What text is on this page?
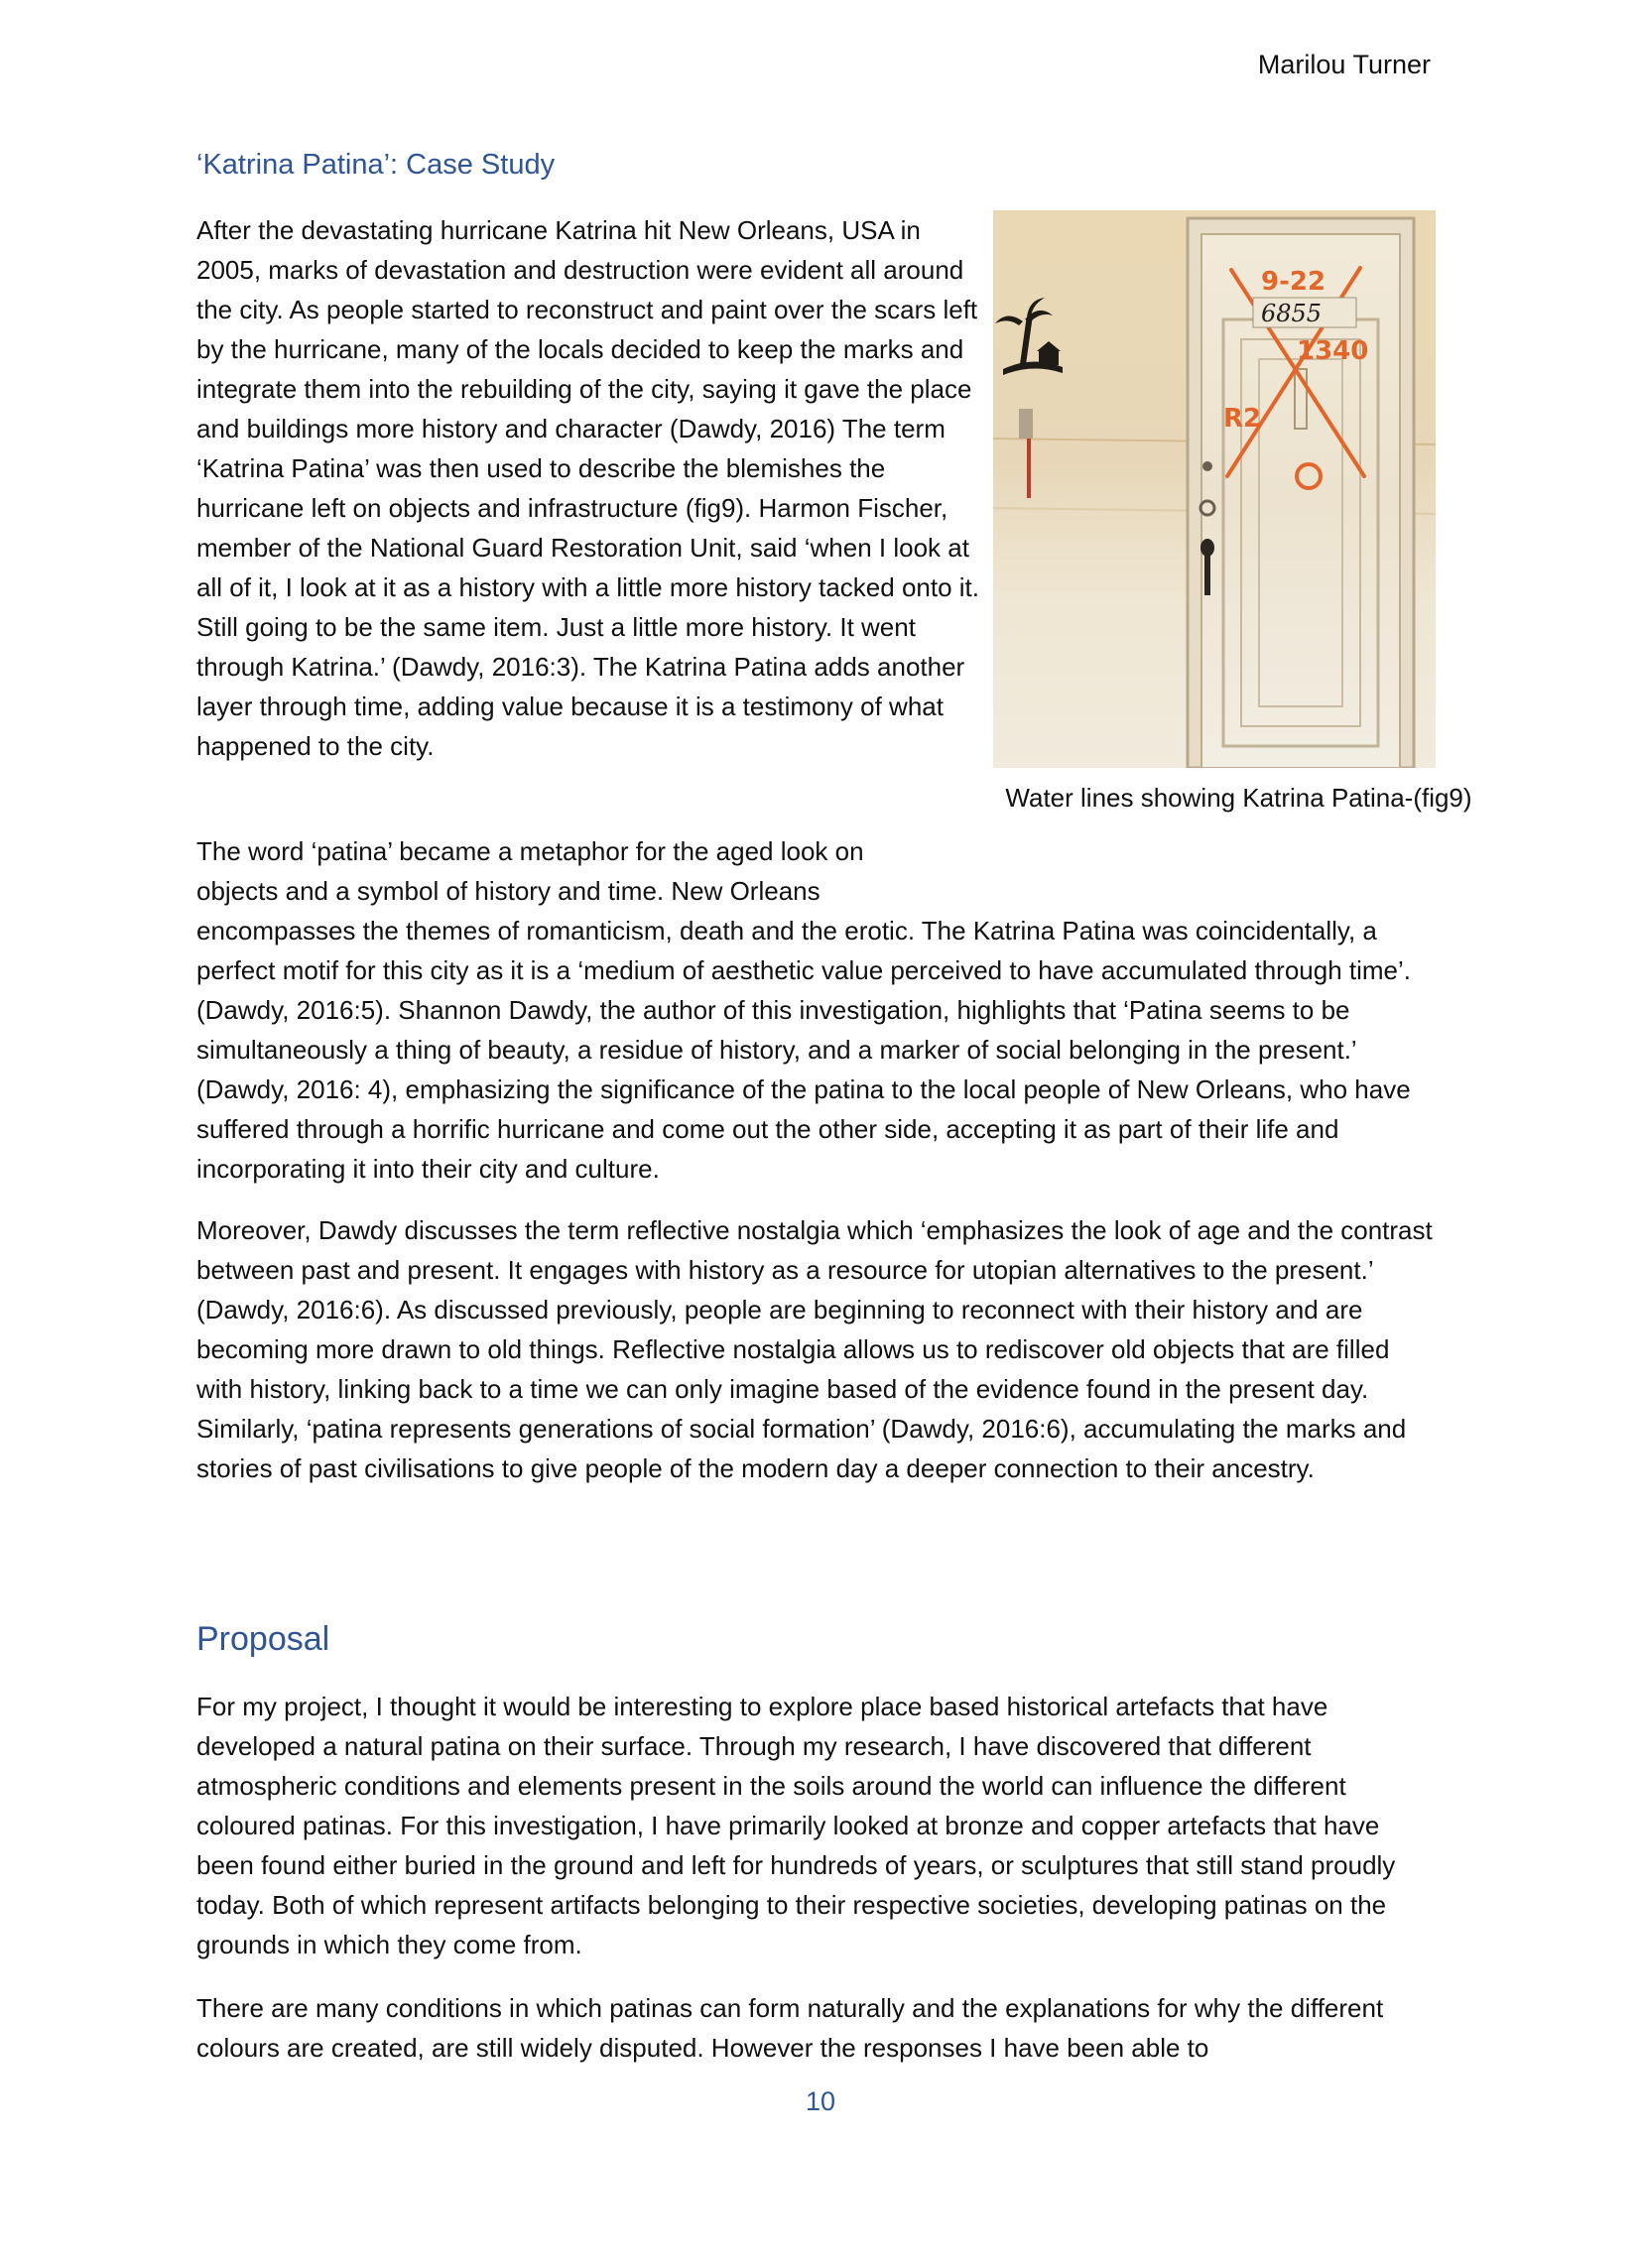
Marilou Turner
‘Katrina Patina’: Case Study

After the devastating hurricane Katrina hit New Orleans, USA in 2005, marks of devastation and destruction were evident all around the city. As people started to reconstruct and paint over the scars left by the hurricane, many of the locals decided to keep the marks and integrate them into the rebuilding of the city, saying it gave the place and buildings more history and character (Dawdy, 2016) The term ‘Katrina Patina’ was then used to describe the blemishes the hurricane left on objects and infrastructure (fig9). Harmon Fischer, member of the National Guard Restoration Unit, said ‘when I look at all of it, I look at it as a history with a little more history tacked onto it. Still going to be the same item. Just a little more history. It went through Katrina.’ (Dawdy, 2016:3). The Katrina Patina adds another layer through time, adding value because it is a testimony of what happened to the city.

9-22
6855
1340
R2
Water lines showing Katrina Patina-(fig9)

The word ‘patina’ became a metaphor for the aged look on objects and a symbol of history and time. New Orleans
encompasses the themes of romanticism, death and the erotic. The Katrina Patina was coincidentally, a perfect motif for this city as it is a ‘medium of aesthetic value perceived to have accumulated through time’. (Dawdy, 2016:5). Shannon Dawdy, the author of this investigation, highlights that ‘Patina seems to be simultaneously a thing of beauty, a residue of history, and a marker of social belonging in the present.’ (Dawdy, 2016: 4), emphasizing the significance of the patina to the local people of New Orleans, who have suffered through a horrific hurricane and come out the other side, accepting it as part of their life and incorporating it into their city and culture.

Moreover, Dawdy discusses the term reflective nostalgia which ‘emphasizes the look of age and the contrast between past and present. It engages with history as a resource for utopian alternatives to the present.’ (Dawdy, 2016:6). As discussed previously, people are beginning to reconnect with their history and are becoming more drawn to old things. Reflective nostalgia allows us to rediscover old objects that are filled with history, linking back to a time we can only imagine based of the evidence found in the present day. Similarly, ‘patina represents generations of social formation’ (Dawdy, 2016:6), accumulating the marks and stories of past civilisations to give people of the modern day a deeper connection to their ancestry.

Proposal

For my project, I thought it would be interesting to explore place based historical artefacts that have developed a natural patina on their surface. Through my research, I have discovered that different atmospheric conditions and elements present in the soils around the world can influence the different coloured patinas. For this investigation, I have primarily looked at bronze and copper artefacts that have been found either buried in the ground and left for hundreds of years, or sculptures that still stand proudly today. Both of which represent artifacts belonging to their respective societies, developing patinas on the grounds in which they come from.

There are many conditions in which patinas can form naturally and the explanations for why the different colours are created, are still widely disputed. However the responses I have been able to

10
